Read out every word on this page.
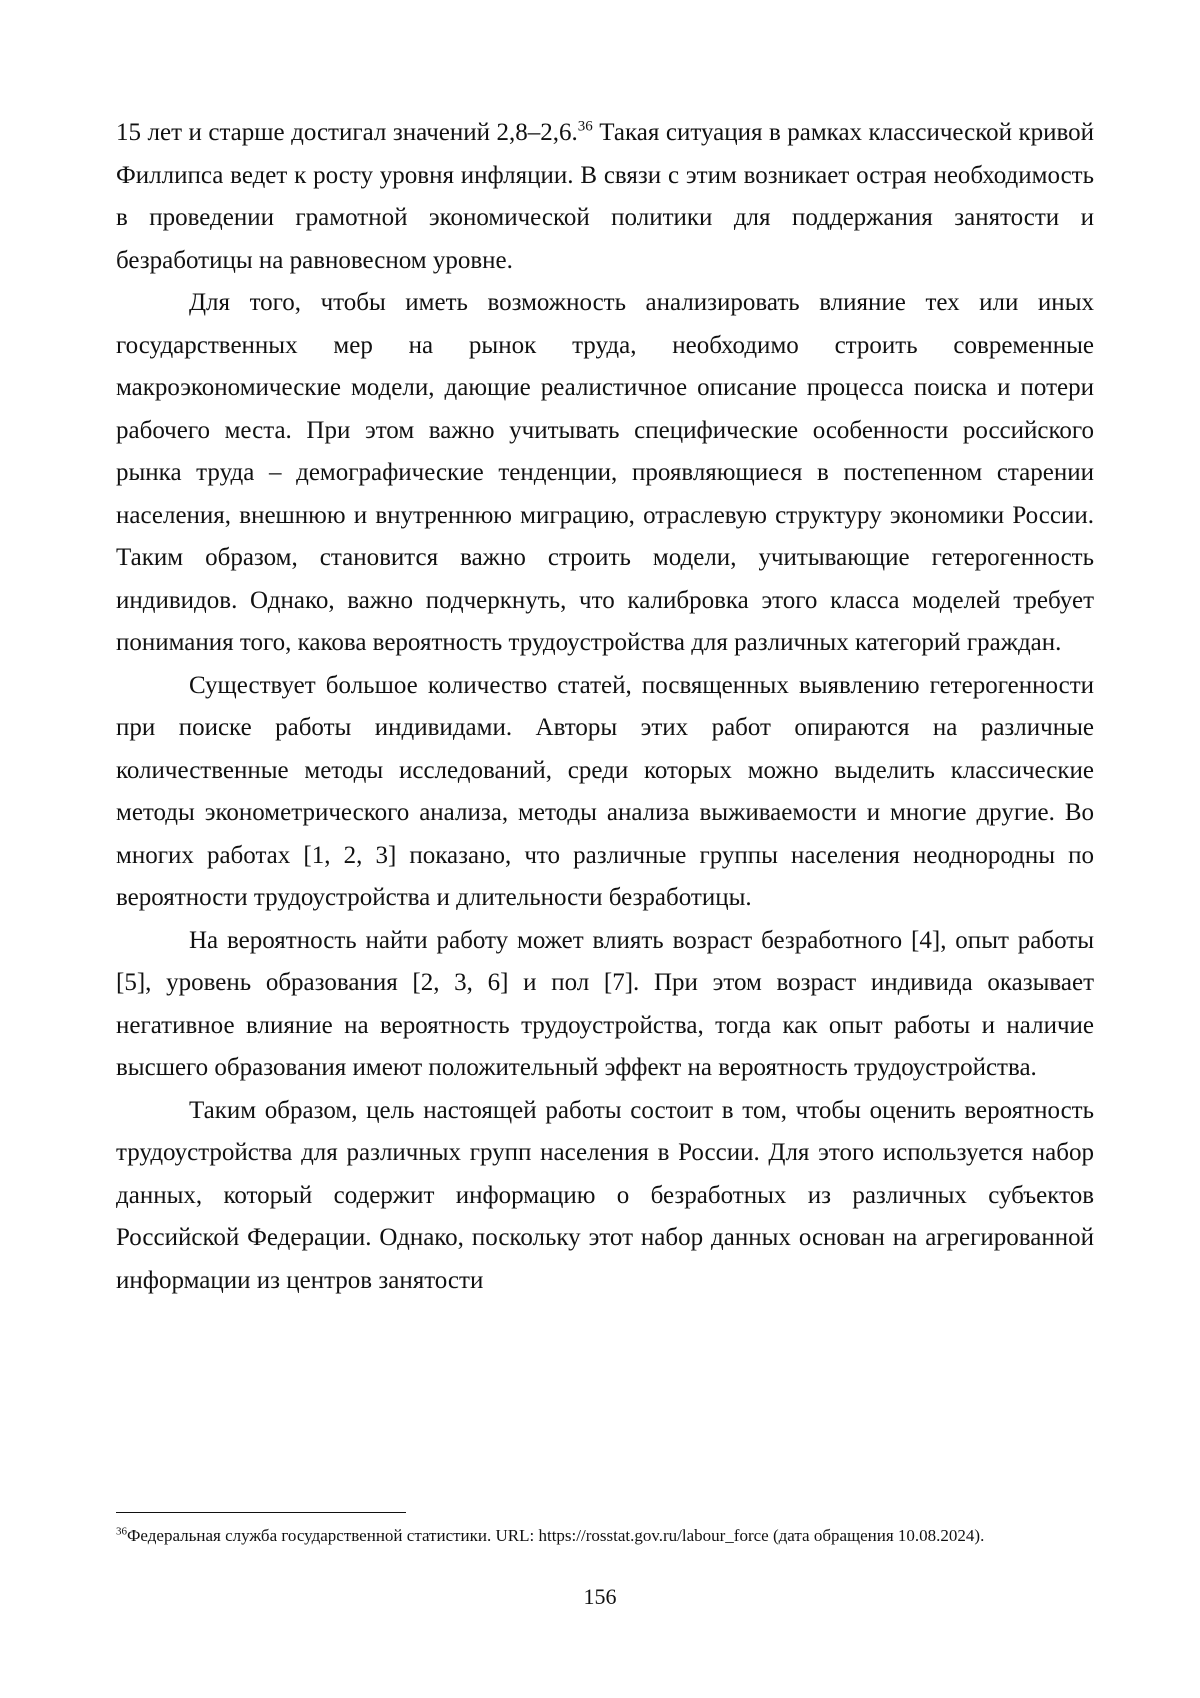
15 лет и старше достигал значений 2,8–2,6.36 Такая ситуация в рамках классической кривой Филлипса ведет к росту уровня инфляции. В связи с этим возникает острая необходимость в проведении грамотной экономической политики для поддержания занятости и безработицы на равновесном уровне.

Для того, чтобы иметь возможность анализировать влияние тех или иных государственных мер на рынок труда, необходимо строить современные макроэкономические модели, дающие реалистичное описание процесса поиска и потери рабочего места. При этом важно учитывать специфические особенности российского рынка труда – демографические тенденции, проявляющиеся в постепенном старении населения, внешнюю и внутреннюю миграцию, отраслевую структуру экономики России. Таким образом, становится важно строить модели, учитывающие гетерогенность индивидов. Однако, важно подчеркнуть, что калибровка этого класса моделей требует понимания того, какова вероятность трудоустройства для различных категорий граждан.

Существует большое количество статей, посвященных выявлению гетерогенности при поиске работы индивидами. Авторы этих работ опираются на различные количественные методы исследований, среди которых можно выделить классические методы эконометрического анализа, методы анализа выживаемости и многие другие. Во многих работах [1, 2, 3] показано, что различные группы населения неоднородны по вероятности трудоустройства и длительности безработицы.

На вероятность найти работу может влиять возраст безработного [4], опыт работы [5], уровень образования [2, 3, 6] и пол [7]. При этом возраст индивида оказывает негативное влияние на вероятность трудоустройства, тогда как опыт работы и наличие высшего образования имеют положительный эффект на вероятность трудоустройства.

Таким образом, цель настоящей работы состоит в том, чтобы оценить вероятность трудоустройства для различных групп населения в России. Для этого используется набор данных, который содержит информацию о безработных из различных субъектов Российской Федерации. Однако, поскольку этот набор данных основан на агрегированной информации из центров занятости

$^{36}$Федеральная служба государственной статистики. URL: https://rosstat.gov.ru/labour_force (дата обращения 10.08.2024).

156
